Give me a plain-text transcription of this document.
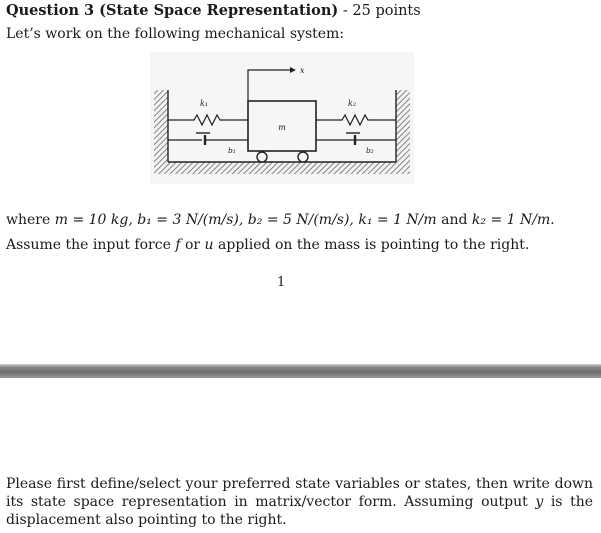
Question 3 (State Space Representation) - 25 points
Let’s work on the following mechanical system:
m
x
k₁
b₁
k₂
b₂
where m = 10 kg, b₁ = 3 N/(m/s), b₂ = 5 N/(m/s), k₁ = 1 N/m and k₂ = 1 N/m.
Assume the input force f or u applied on the mass is pointing to the right.
1
Please first define/select your preferred state variables or states, then write down its state space representation in matrix/vector form. Assuming output y is the displacement also pointing to the right.
